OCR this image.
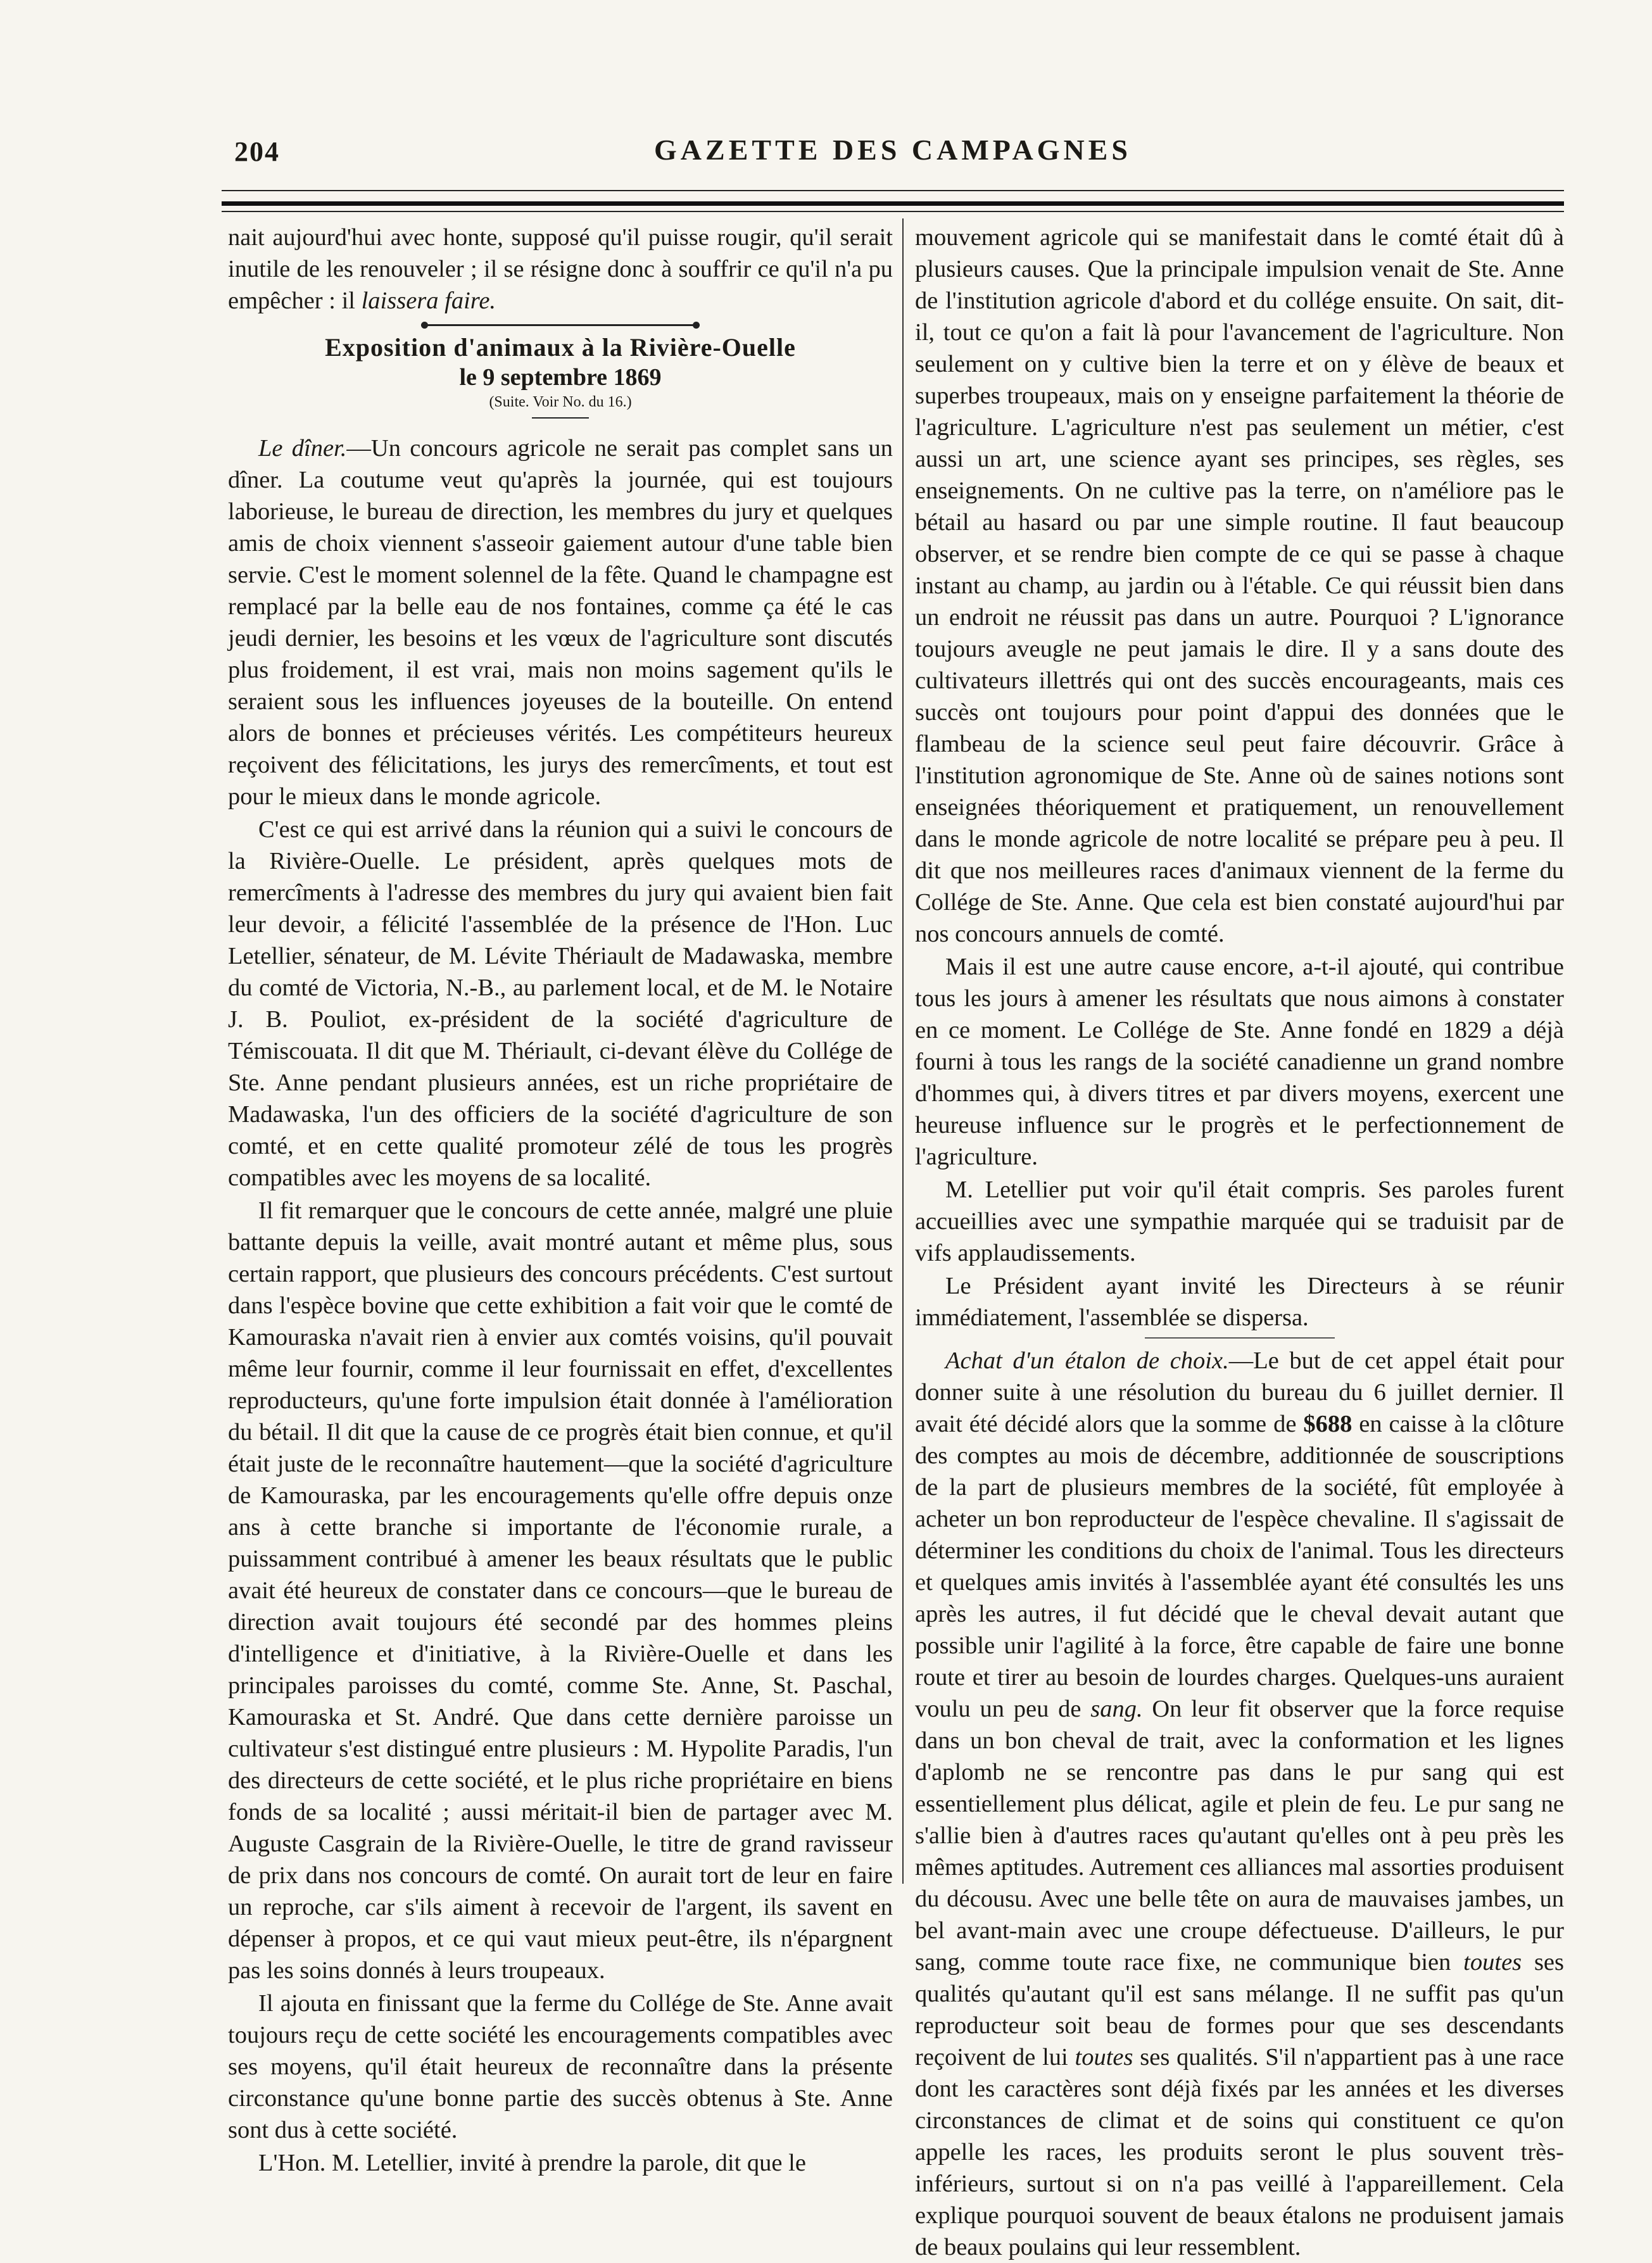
204	GAZETTE DES CAMPAGNES

nait aujourd'hui avec honte, supposé qu'il puisse rougir, qu'il serait inutile de les renouveler ; il se résigne donc à souffrir ce qu'il n'a pu empêcher : il laissera faire.

Exposition d'animaux à la Rivière-Ouelle
le 9 septembre 1869
(Suite. Voir No. du 16.)

Le dîner.—Un concours agricole ne serait pas complet sans un dîner. La coutume veut qu'après la journée, qui est toujours laborieuse, le bureau de direction, les membres du jury et quelques amis de choix viennent s'asseoir gaiement autour d'une table bien servie. C'est le moment solennel de la fête. Quand le champagne est remplacé par la belle eau de nos fontaines, comme ça été le cas jeudi dernier, les besoins et les vœux de l'agriculture sont discutés plus froidement, il est vrai, mais non moins sagement qu'ils le seraient sous les influences joyeuses de la bouteille. On entend alors de bonnes et précieuses vérités. Les compétiteurs heureux reçoivent des félicitations, les jurys des remercîments, et tout est pour le mieux dans le monde agricole.

C'est ce qui est arrivé dans la réunion qui a suivi le concours de la Rivière-Ouelle. Le président, après quelques mots de remercîments à l'adresse des membres du jury qui avaient bien fait leur devoir, a félicité l'assemblée de la présence de l'Hon. Luc Letellier, sénateur, de M. Lévite Thériault de Madawaska, membre du comté de Victoria, N.-B., au parlement local, et de M. le Notaire J. B. Pouliot, ex-président de la société d'agriculture de Témiscouata. Il dit que M. Thériault, ci-devant élève du Collége de Ste. Anne pendant plusieurs années, est un riche propriétaire de Madawaska, l'un des officiers de la société d'agriculture de son comté, et en cette qualité promoteur zélé de tous les progrès compatibles avec les moyens de sa localité.

Il fit remarquer que le concours de cette année, malgré une pluie battante depuis la veille, avait montré autant et même plus, sous certain rapport, que plusieurs des concours précédents. C'est surtout dans l'espèce bovine que cette exhibition a fait voir que le comté de Kamouraska n'avait rien à envier aux comtés voisins, qu'il pouvait même leur fournir, comme il leur fournissait en effet, d'excellentes reproducteurs, qu'une forte impulsion était donnée à l'amélioration du bétail. Il dit que la cause de ce progrès était bien connue, et qu'il était juste de le reconnaître hautement—que la société d'agriculture de Kamouraska, par les encouragements qu'elle offre depuis onze ans à cette branche si importante de l'économie rurale, a puissamment contribué à amener les beaux résultats que le public avait été heureux de constater dans ce concours—que le bureau de direction avait toujours été secondé par des hommes pleins d'intelligence et d'initiative, à la Rivière-Ouelle et dans les principales paroisses du comté, comme Ste. Anne, St. Paschal, Kamouraska et St. André. Que dans cette dernière paroisse un cultivateur s'est distingué entre plusieurs : M. Hypolite Paradis, l'un des directeurs de cette société, et le plus riche propriétaire en biens fonds de sa localité ; aussi méritait-il bien de partager avec M. Auguste Casgrain de la Rivière-Ouelle, le titre de grand ravisseur de prix dans nos concours de comté. On aurait tort de leur en faire un reproche, car s'ils aiment à recevoir de l'argent, ils savent en dépenser à propos, et ce qui vaut mieux peut-être, ils n'épargnent pas les soins donnés à leurs troupeaux.

Il ajouta en finissant que la ferme du Collége de Ste. Anne avait toujours reçu de cette société les encouragements compatibles avec ses moyens, qu'il était heureux de reconnaître dans la présente circonstance qu'une bonne partie des succès obtenus à Ste. Anne sont dus à cette société.

L'Hon. M. Letellier, invité à prendre la parole, dit que le

mouvement agricole qui se manifestait dans le comté était dû à plusieurs causes. Que la principale impulsion venait de Ste. Anne de l'institution agricole d'abord et du collége ensuite. On sait, dit-il, tout ce qu'on a fait là pour l'avancement de l'agriculture. Non seulement on y cultive bien la terre et on y élève de beaux et superbes troupeaux, mais on y enseigne parfaitement la théorie de l'agriculture. L'agriculture n'est pas seulement un métier, c'est aussi un art, une science ayant ses principes, ses règles, ses enseignements. On ne cultive pas la terre, on n'améliore pas le bétail au hasard ou par une simple routine. Il faut beaucoup observer, et se rendre bien compte de ce qui se passe à chaque instant au champ, au jardin ou à l'étable. Ce qui réussit bien dans un endroit ne réussit pas dans un autre. Pourquoi ? L'ignorance toujours aveugle ne peut jamais le dire. Il y a sans doute des cultivateurs illettrés qui ont des succès encourageants, mais ces succès ont toujours pour point d'appui des données que le flambeau de la science seul peut faire découvrir. Grâce à l'institution agronomique de Ste. Anne où de saines notions sont enseignées théoriquement et pratiquement, un renouvellement dans le monde agricole de notre localité se prépare peu à peu. Il dit que nos meilleures races d'animaux viennent de la ferme du Collége de Ste. Anne. Que cela est bien constaté aujourd'hui par nos concours annuels de comté.

Mais il est une autre cause encore, a-t-il ajouté, qui contribue tous les jours à amener les résultats que nous aimons à constater en ce moment. Le Collége de Ste. Anne fondé en 1829 a déjà fourni à tous les rangs de la société canadienne un grand nombre d'hommes qui, à divers titres et par divers moyens, exercent une heureuse influence sur le progrès et le perfectionnement de l'agriculture.

M. Letellier put voir qu'il était compris. Ses paroles furent accueillies avec une sympathie marquée qui se traduisit par de vifs applaudissements.

Le Président ayant invité les Directeurs à se réunir immédiatement, l'assemblée se dispersa.

Achat d'un étalon de choix.—Le but de cet appel était pour donner suite à une résolution du bureau du 6 juillet dernier. Il avait été décidé alors que la somme de $688 en caisse à la clôture des comptes au mois de décembre, additionnée de souscriptions de la part de plusieurs membres de la société, fût employée à acheter un bon reproducteur de l'espèce chevaline. Il s'agissait de déterminer les conditions du choix de l'animal. Tous les directeurs et quelques amis invités à l'assemblée ayant été consultés les uns après les autres, il fut décidé que le cheval devait autant que possible unir l'agilité à la force, être capable de faire une bonne route et tirer au besoin de lourdes charges. Quelques-uns auraient voulu un peu de sang. On leur fit observer que la force requise dans un bon cheval de trait, avec la conformation et les lignes d'aplomb ne se rencontre pas dans le pur sang qui est essentiellement plus délicat, agile et plein de feu. Le pur sang ne s'allie bien à d'autres races qu'autant qu'elles ont à peu près les mêmes aptitudes. Autrement ces alliances mal assorties produisent du décousu. Avec une belle tête on aura de mauvaises jambes, un bel avant-main avec une croupe défectueuse. D'ailleurs, le pur sang, comme toute race fixe, ne communique bien toutes ses qualités qu'autant qu'il est sans mélange. Il ne suffit pas qu'un reproducteur soit beau de formes pour que ses descendants reçoivent de lui toutes ses qualités. S'il n'appartient pas à une race dont les caractères sont déjà fixés par les années et les diverses circonstances de climat et de soins qui constituent ce qu'on appelle les races, les produits seront le plus souvent très-inférieurs, surtout si on n'a pas veillé à l'appareillement. Cela explique pourquoi souvent de beaux étalons ne produisent jamais de beaux poulains qui leur ressemblent.
